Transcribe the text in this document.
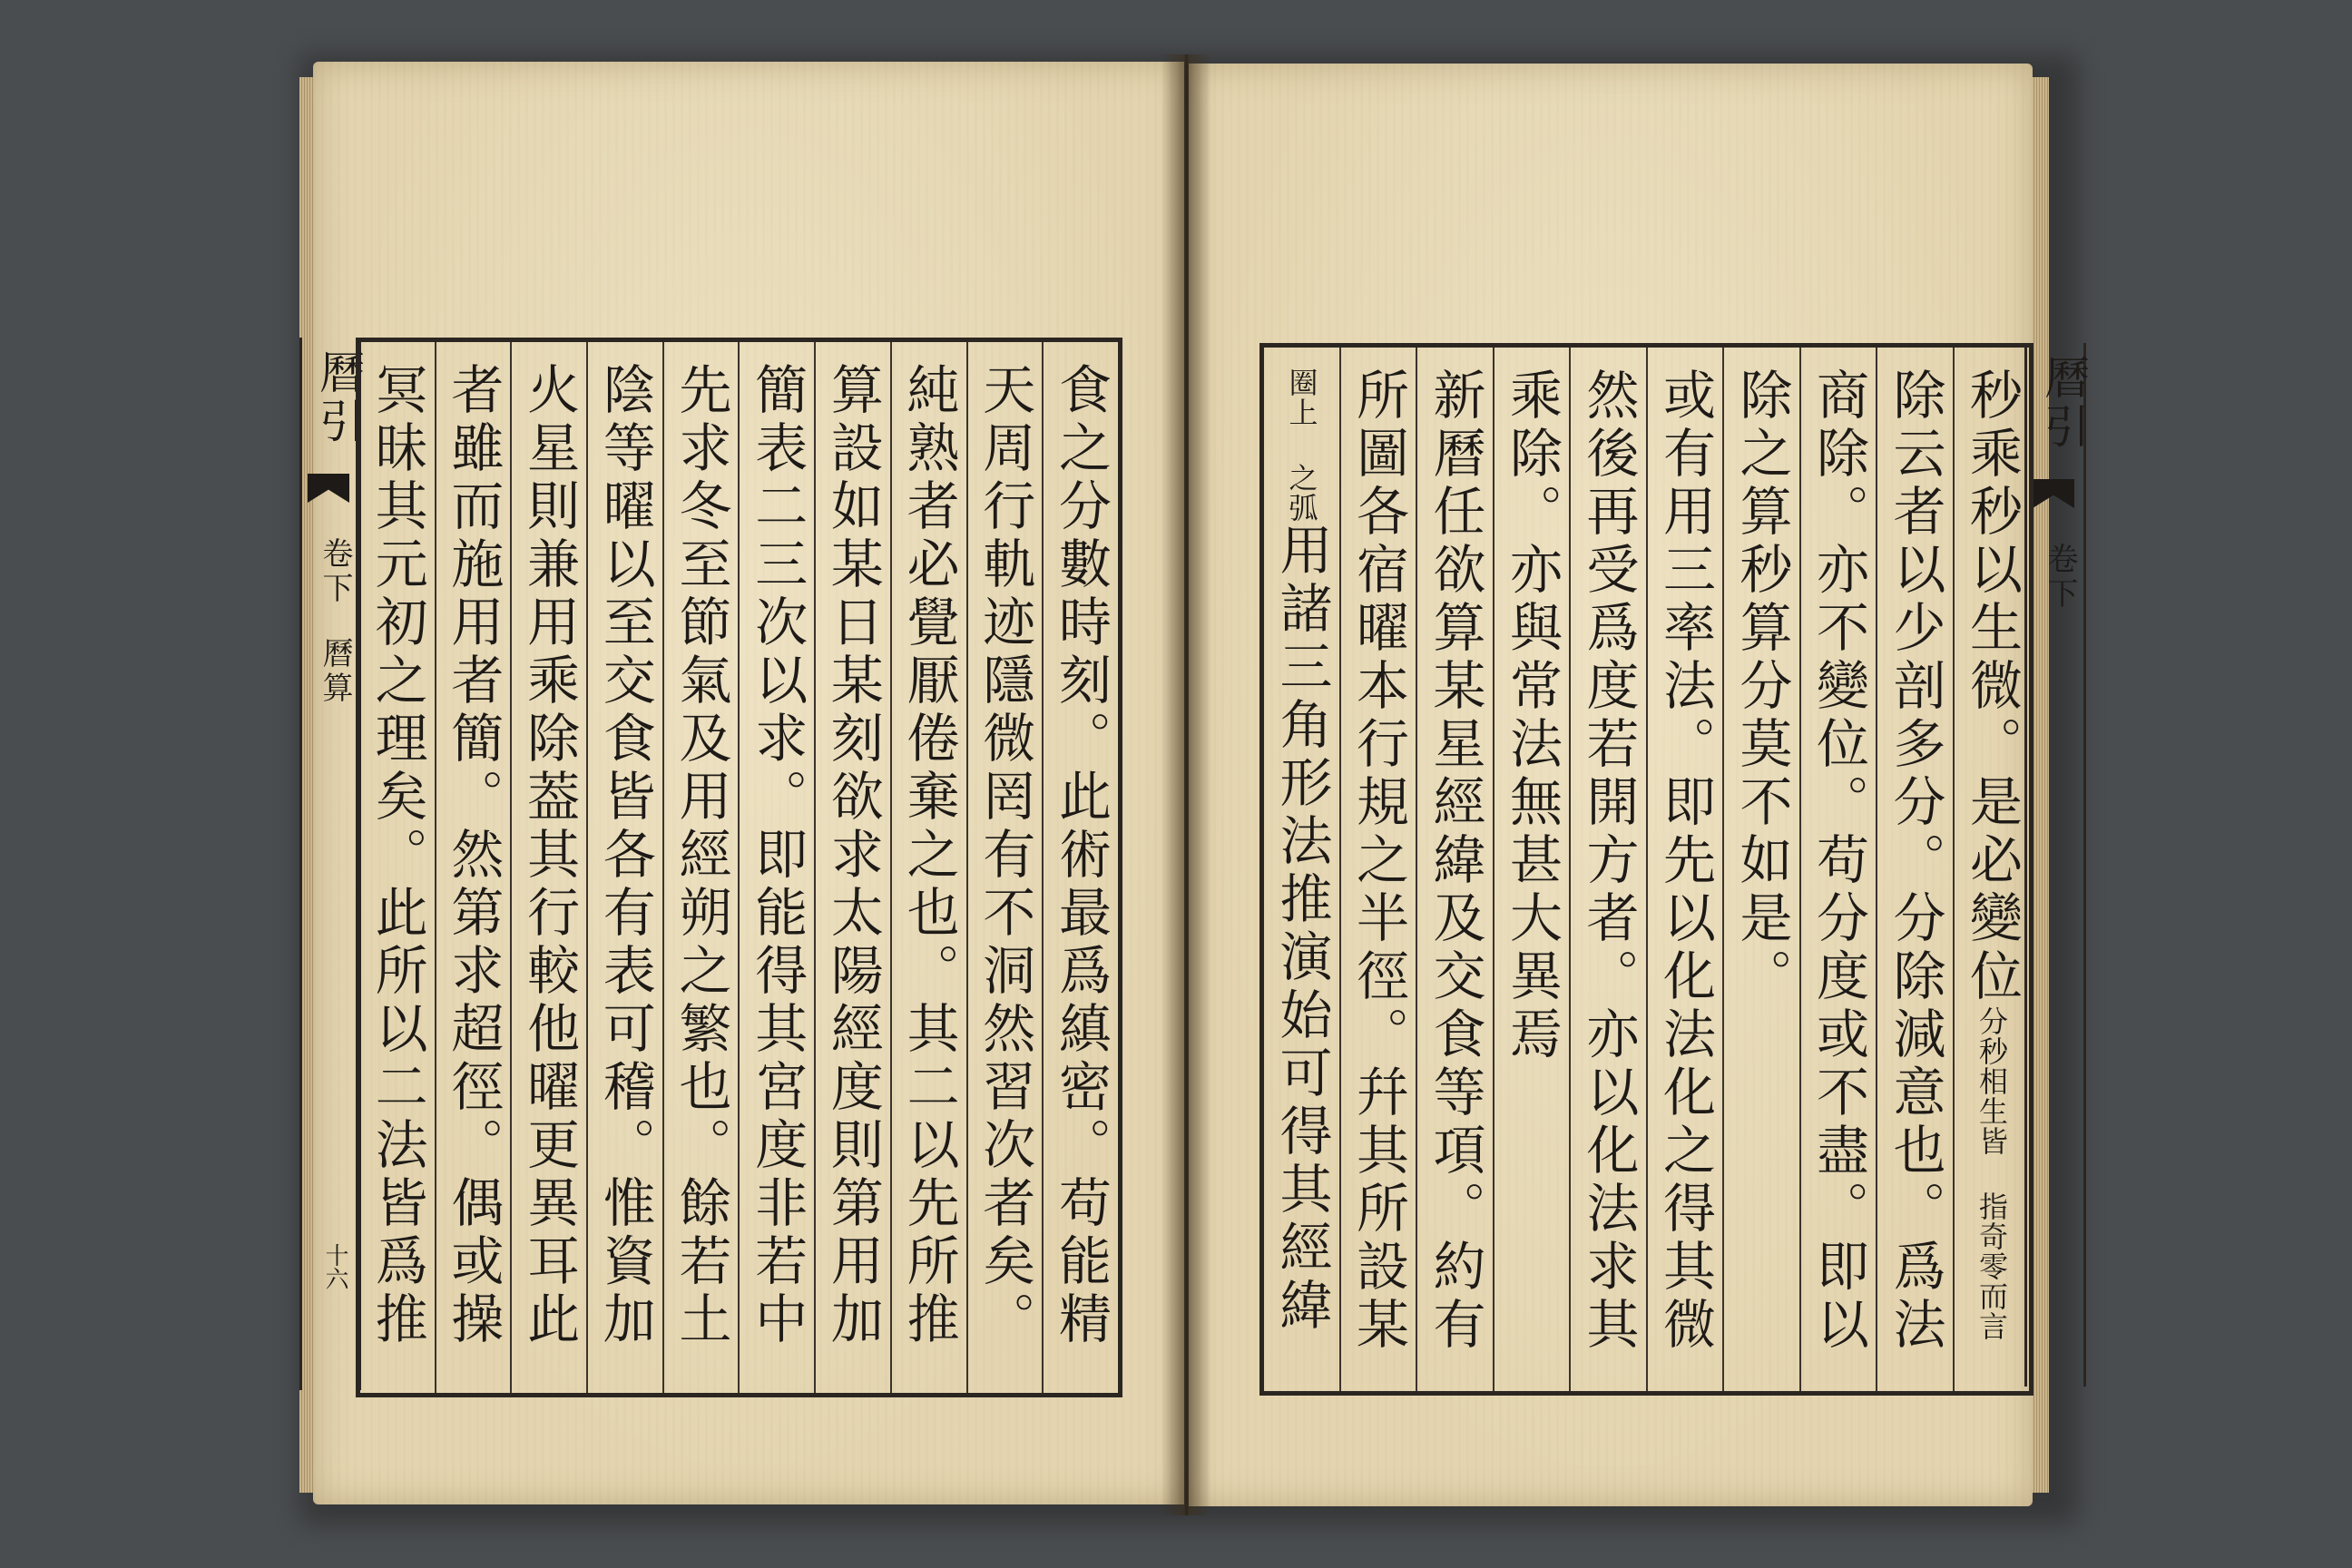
曆引
卷下
曆算
十六
曆引
卷下
食之分數時刻。此術最爲縝密。苟能精
天周行軌迹隱微罔有不洞然習次者矣。
純熟者必覺厭倦棄之也。其二以先所推
算設如某日某刻欲求太陽經度則第用加
簡表二三次以求。即能得其宮度非若中
先求冬至節氣及用經朔之繁也。餘若土
陰等曜以至交食皆各有表可稽。惟資加
火星則兼用乘除葢其行較他曜更異耳此
者雖而施用者簡。然第求超徑。偶或操
冥昧其元初之理矣。此所以二法皆爲推
秒乘秒以生微。是必變位分秒相生皆 指奇零而言
除云者以少剖多分。分除減意也。爲法
商除。亦不變位。苟分度或不盡。即以
除之算秒算分莫不如是。
或有用三率法。即先以化法化之得其微
然後再受爲度若開方者。亦以化法求其
乘除。亦與常法無甚大異焉
新曆任欲算某星經緯及交食等項。約有
所圖各宿曜本行規之半徑。幷其所設某
圈上 之弧用諸三角形法推演始可得其經緯
